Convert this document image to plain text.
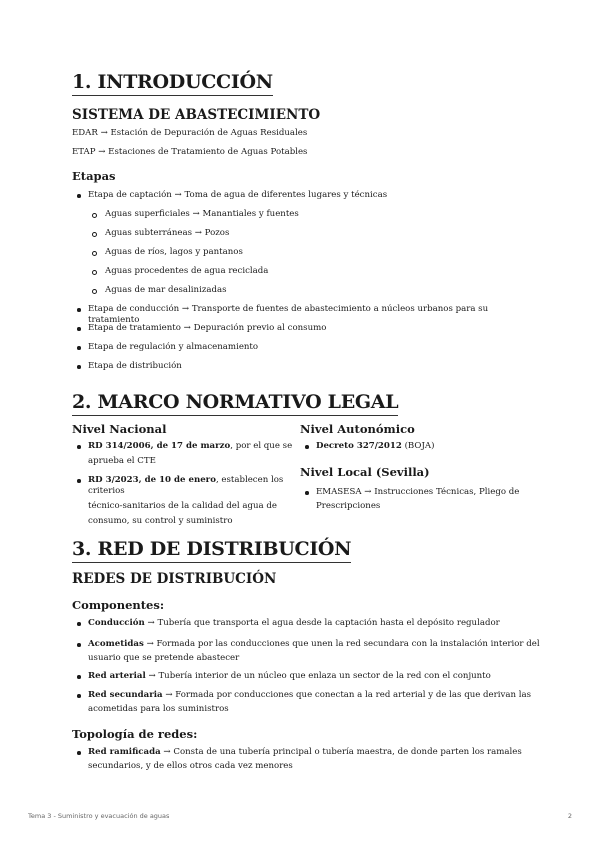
1. INTRODUCCIÓN
SISTEMA DE ABASTECIMIENTO

EDAR → Estación de Depuración de Aguas Residuales

ETAP → Estaciones de Tratamiento de Aguas Potables

Etapas
Etapa de captación → Toma de agua de diferentes lugares y técnicas
Aguas superficiales → Manantiales y fuentes
Aguas subterráneas → Pozos
Aguas de ríos, lagos y pantanos
Aguas procedentes de agua reciclada
Aguas de mar desalinizadas
Etapa de conducción → Transporte de fuentes de abastecimiento a núcleos urbanos para su tratamiento
Etapa de tratamiento → Depuración previo al consumo
Etapa de regulación y almacenamiento
Etapa de distribución
2. MARCO NORMATIVO LEGAL
Nivel Nacional
RD 314/2006, de 17 de marzo, por el que se
aprueba el CTE
RD 3/2023, de 10 de enero, establecen los criterios
técnico-sanitarios de la calidad del agua de
consumo, su control y suministro
Nivel Autonómico
Decreto 327/2012 (BOJA)
Nivel Local (Sevilla)
EMASESA → Instrucciones Técnicas, Pliego de
Prescripciones
3. RED DE DISTRIBUCIÓN
REDES DE DISTRIBUCIÓN
Componentes:
Conducción → Tubería que transporta el agua desde la captación hasta el depósito regulador
Acometidas → Formada por las conducciones que unen la red secundara con la instalación interior del
usuario que se pretende abastecer
Red arterial → Tubería interior de un núcleo que enlaza un sector de la red con el conjunto
Red secundaria → Formada por conducciones que conectan a la red arterial y de las que derivan las
acometidas para los suministros
Topología de redes:
Red ramificada → Consta de una tubería principal o tubería maestra, de donde parten los ramales
secundarios, y de ellos otros cada vez menores
Tema 3 - Suministro y evacuación de aguas	2
